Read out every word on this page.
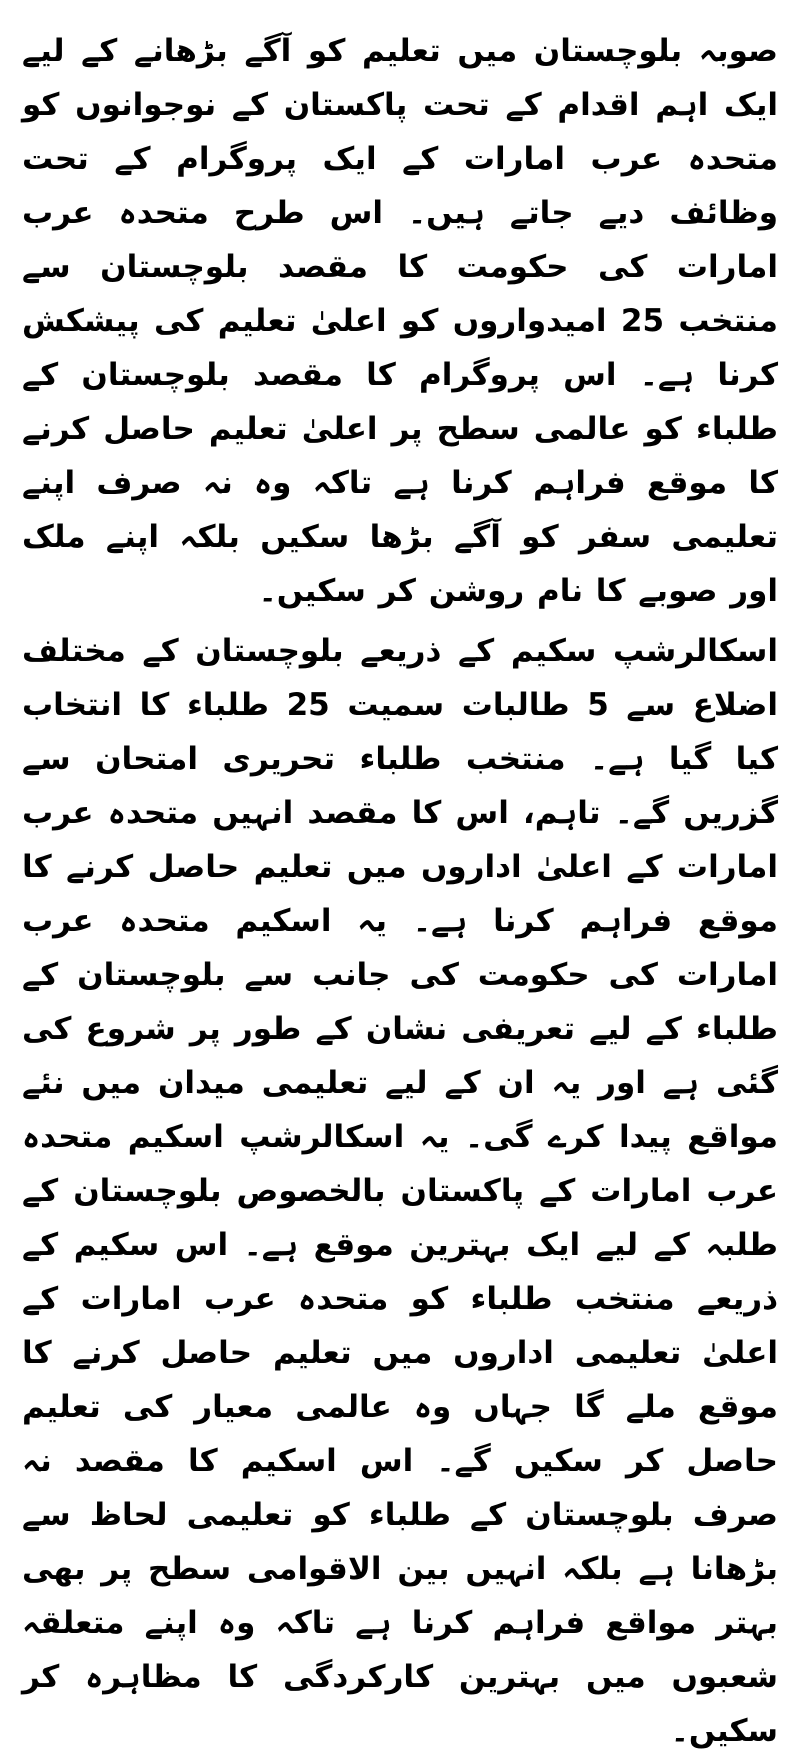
صوبہ بلوچستان میں تعلیم کو آگے بڑھانے کے لیے ایک اہم اقدام کے تحت پاکستان کے نوجوانوں کو متحدہ عرب امارات کے ایک پروگرام کے تحت وظائف دیے جاتے ہیں۔ اس طرح متحدہ عرب امارات کی حکومت کا مقصد بلوچستان سے منتخب 25 امیدواروں کو اعلیٰ تعلیم کی پیشکش کرنا ہے۔ اس پروگرام کا مقصد بلوچستان کے طلباء کو عالمی سطح پر اعلیٰ تعلیم حاصل کرنے کا موقع فراہم کرنا ہے تاکہ وہ نہ صرف اپنے تعلیمی سفر کو آگے بڑھا سکیں بلکہ اپنے ملک اور صوبے کا نام روشن کر سکیں۔

اسکالرشپ سکیم کے ذریعے بلوچستان کے مختلف اضلاع سے 5 طالبات سمیت 25 طلباء کا انتخاب کیا گیا ہے۔ منتخب طلباء تحریری امتحان سے گزریں گے۔ تاہم، اس کا مقصد انہیں متحدہ عرب امارات کے اعلیٰ اداروں میں تعلیم حاصل کرنے کا موقع فراہم کرنا ہے۔ یہ اسکیم متحدہ عرب امارات کی حکومت کی جانب سے بلوچستان کے طلباء کے لیے تعریفی نشان کے طور پر شروع کی گئی ہے اور یہ ان کے لیے تعلیمی میدان میں نئے مواقع پیدا کرے گی۔ یہ اسکالرشپ اسکیم متحدہ عرب امارات کے پاکستان بالخصوص بلوچستان کے طلبہ کے لیے ایک بہترین موقع ہے۔ اس سکیم کے ذریعے منتخب طلباء کو متحدہ عرب امارات کے اعلیٰ تعلیمی اداروں میں تعلیم حاصل کرنے کا موقع ملے گا جہاں وہ عالمی معیار کی تعلیم حاصل کر سکیں گے۔ اس اسکیم کا مقصد نہ صرف بلوچستان کے طلباء کو تعلیمی لحاظ سے بڑھانا ہے بلکہ انہیں بین الاقوامی سطح پر بھی بہتر مواقع فراہم کرنا ہے تاکہ وہ اپنے متعلقہ شعبوں میں بہترین کارکردگی کا مظاہرہ کر سکیں۔
